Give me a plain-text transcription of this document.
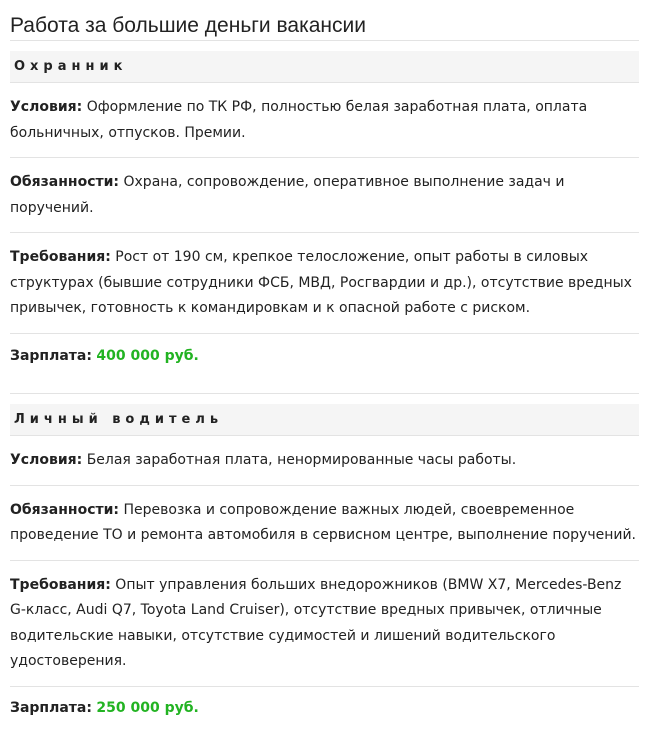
Работа за большие деньги вакансии
Охранник

Условия: Оформление по ТК РФ, полностью белая заработная плата, оплата больничных, отпусков. Премии.

Обязанности: Охрана, сопровождение, оперативное выполнение задач и поручений.

Требования: Рост от 190 см, крепкое телосложение, опыт работы в силовых структурах (бывшие сотрудники ФСБ, МВД, Росгвардии и др.), отсутствие вредных привычек, готовность к командировкам и к опасной работе с риском.

Зарплата: 400 000 руб.

Личный водитель

Условия: Белая заработная плата, ненормированные часы работы.

Обязанности: Перевозка и сопровождение важных людей, своевременное проведение ТО и ремонта автомобиля в сервисном центре, выполнение поручений.

Требования: Опыт управления больших внедорожников (BMW X7, Mercedes-Benz G-класс, Audi Q7, Toyota Land Cruiser), отсутствие вредных привычек, отличные водительские навыки, отсутствие судимостей и лишений водительского удостоверения.

Зарплата: 250 000 руб.
